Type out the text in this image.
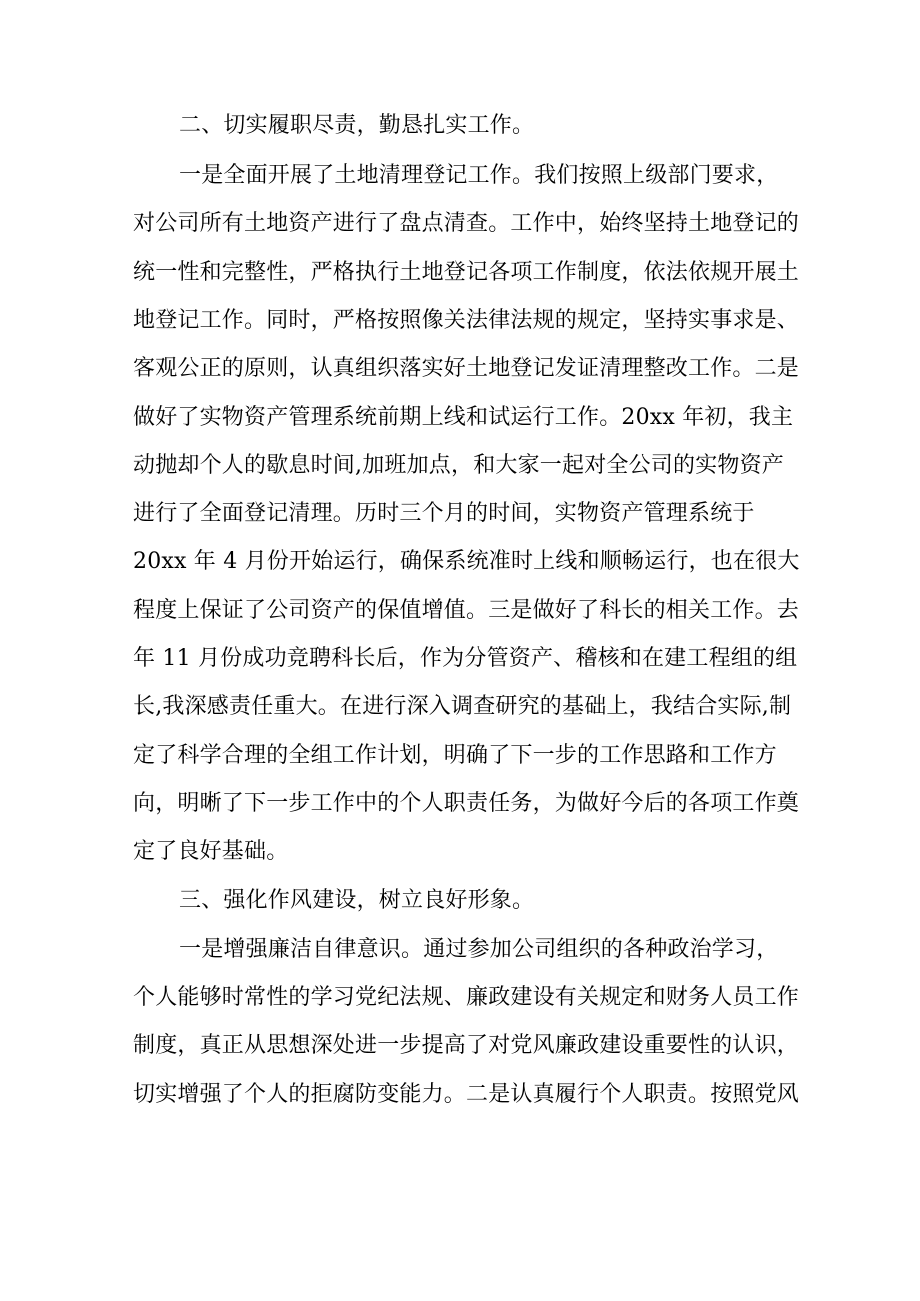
二、切实履职尽责，勤恳扎实工作。
一是全面开展了土地清理登记工作。我们按照上级部门要求，
对公司所有土地资产进行了盘点清查。工作中，始终坚持土地登记的
统一性和完整性，严格执行土地登记各项工作制度，依法依规开展土
地登记工作。同时，严格按照像关法律法规的规定，坚持实事求是、
客观公正的原则，认真组织落实好土地登记发证清理整改工作。二是
做好了实物资产管理系统前期上线和试运行工作。20xx 年初，我主
动抛却个人的歇息时间,加班加点，和大家一起对全公司的实物资产
进行了全面登记清理。历时三个月的时间，实物资产管理系统于
20xx 年 4 月份开始运行，确保系统准时上线和顺畅运行，也在很大
程度上保证了公司资产的保值增值。三是做好了科长的相关工作。去
年 11 月份成功竞聘科长后，作为分管资产、稽核和在建工程组的组
长,我深感责任重大。在进行深入调查研究的基础上，我结合实际,制
定了科学合理的全组工作计划，明确了下一步的工作思路和工作方
向，明晰了下一步工作中的个人职责任务，为做好今后的各项工作奠
定了良好基础。
三、强化作风建设，树立良好形象。
一是增强廉洁自律意识。通过参加公司组织的各种政治学习，
个人能够时常性的学习党纪法规、廉政建设有关规定和财务人员工作
制度，真正从思想深处进一步提高了对党风廉政建设重要性的认识，
切实增强了个人的拒腐防变能力。二是认真履行个人职责。按照党风
